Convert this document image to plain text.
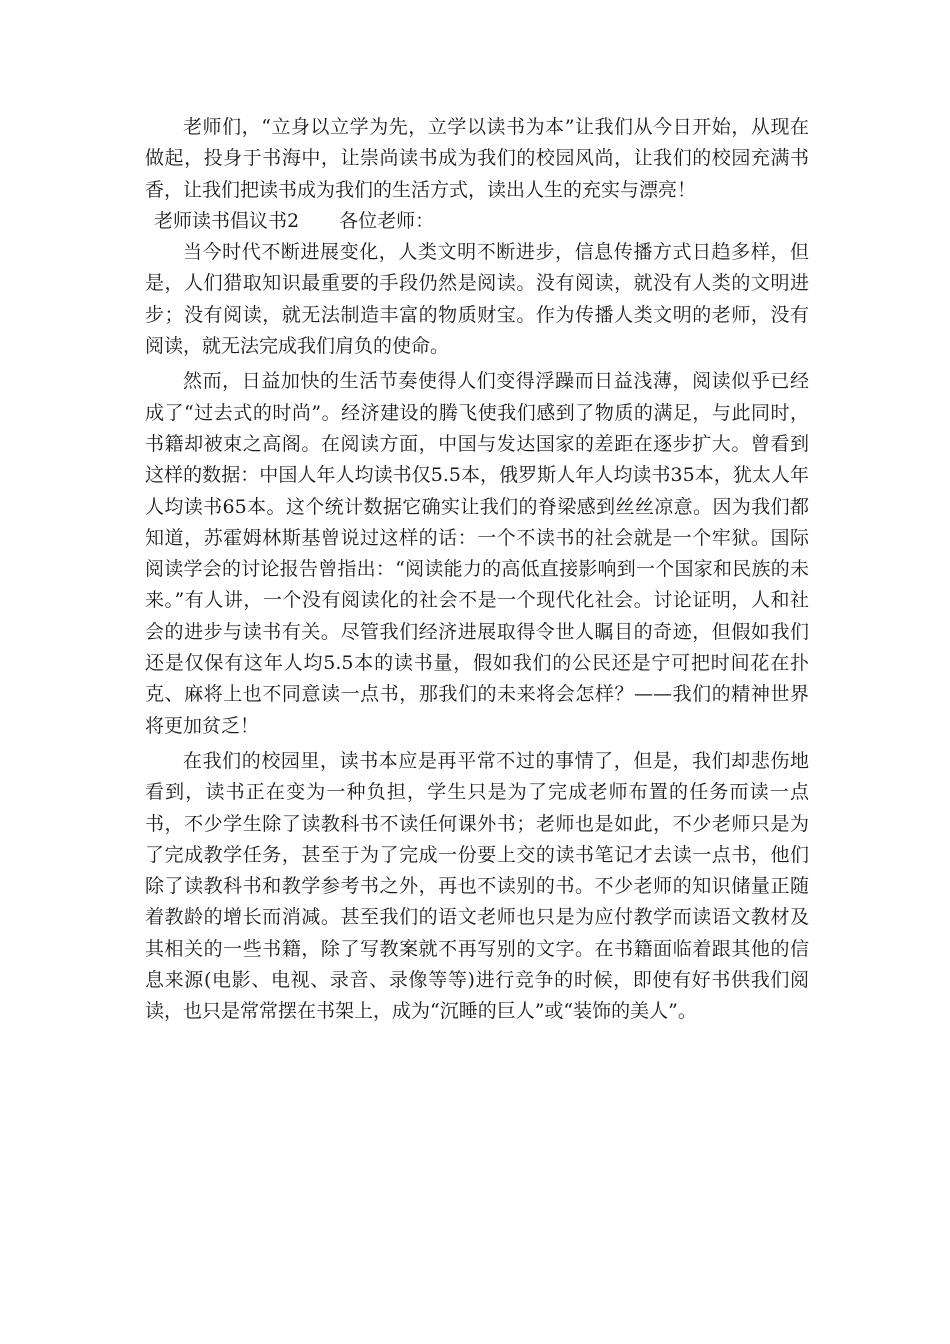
老师们，“立身以立学为先，立学以读书为本”让我们从今日开始，从现在做起，投身于书海中，让崇尚读书成为我们的校园风尚，让我们的校园充满书香，让我们把读书成为我们的生活方式，读出人生的充实与漂亮！

老师读书倡议书2 各位老师：

当今时代不断进展变化，人类文明不断进步，信息传播方式日趋多样，但是，人们猎取知识最重要的手段仍然是阅读。没有阅读，就没有人类的文明进步；没有阅读，就无法制造丰富的物质财宝。作为传播人类文明的老师，没有阅读，就无法完成我们肩负的使命。

然而，日益加快的生活节奏使得人们变得浮躁而日益浅薄，阅读似乎已经成了“过去式的时尚”。经济建设的腾飞使我们感到了物质的满足，与此同时，书籍却被束之高阁。在阅读方面，中国与发达国家的差距在逐步扩大。曾看到这样的数据：中国人年人均读书仅5.5本，俄罗斯人年人均读书35本，犹太人年人均读书65本。这个统计数据它确实让我们的脊梁感到丝丝凉意。因为我们都知道，苏霍姆林斯基曾说过这样的话：一个不读书的社会就是一个牢狱。国际阅读学会的讨论报告曾指出：“阅读能力的高低直接影响到一个国家和民族的未来。”有人讲，一个没有阅读化的社会不是一个现代化社会。讨论证明，人和社会的进步与读书有关。尽管我们经济进展取得令世人瞩目的奇迹，但假如我们还是仅保有这年人均5.5本的读书量，假如我们的公民还是宁可把时间花在扑克、麻将上也不同意读一点书，那我们的未来将会怎样？——我们的精神世界将更加贫乏！

在我们的校园里，读书本应是再平常不过的事情了，但是，我们却悲伤地看到，读书正在变为一种负担，学生只是为了完成老师布置的任务而读一点书，不少学生除了读教科书不读任何课外书；老师也是如此，不少老师只是为了完成教学任务，甚至于为了完成一份要上交的读书笔记才去读一点书，他们除了读教科书和教学参考书之外，再也不读别的书。不少老师的知识储量正随着教龄的增长而消减。甚至我们的语文老师也只是为应付教学而读语文教材及其相关的一些书籍，除了写教案就不再写别的文字。在书籍面临着跟其他的信息来源(电影、电视、录音、录像等等)进行竞争的时候，即使有好书供我们阅读，也只是常常摆在书架上，成为“沉睡的巨人”或“装饰的美人”。
